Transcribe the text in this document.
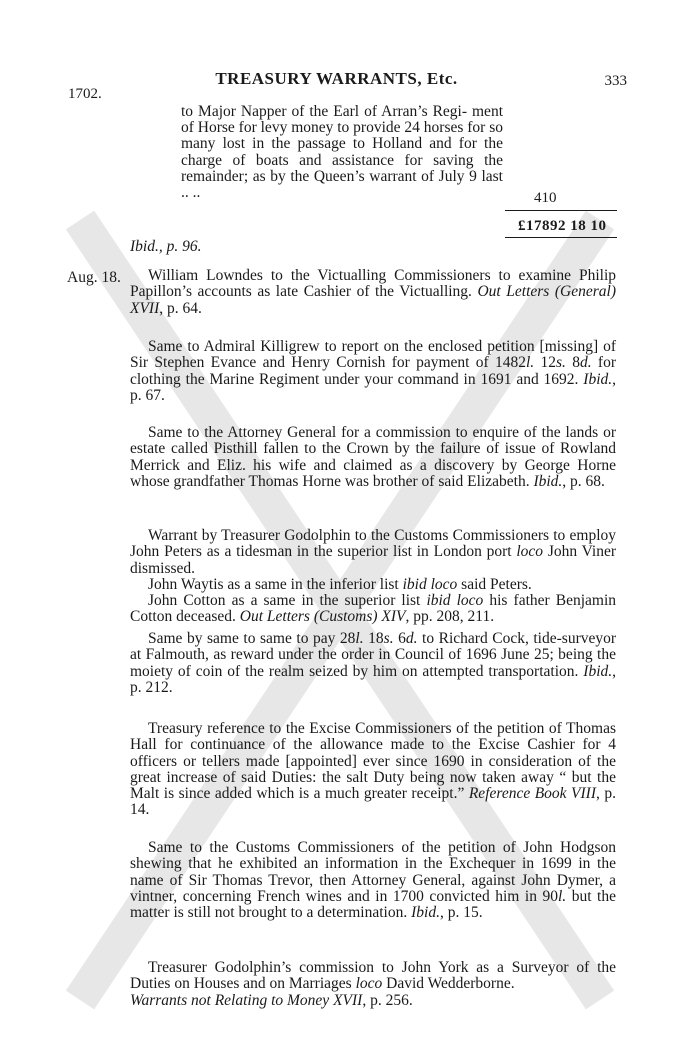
1702.
TREASURY WARRANTS, Etc.	333

to Major Napper of the Earl of Arran’s Regi- ment of Horse for levy money to provide 24 horses for so many lost in the passage to Holland and for the charge of boats and assistance for saving the remainder; as by the Queen’s warrant of July 9 last .. ..	410
£17892 18 10
Ibid., p. 96.
Aug. 18.	William Lowndes to the Victualling Commissioners to examine Philip Papillon’s accounts as late Cashier of the Victualling. Out Letters (General) XVII, p. 64.

Same to Admiral Killigrew to report on the enclosed petition [missing] of Sir Stephen Evance and Henry Cornish for payment of 1482l. 12s. 8d. for clothing the Marine Regiment under your command in 1691 and 1692. Ibid., p. 67.

Same to the Attorney General for a commission to enquire of the lands or estate called Pisthill fallen to the Crown by the failure of issue of Rowland Merrick and Eliz. his wife and claimed as a discovery by George Horne whose grandfather Thomas Horne was brother of said Elizabeth. Ibid., p. 68.

Warrant by Treasurer Godolphin to the Customs Commissioners to employ John Peters as a tidesman in the superior list in London port loco John Viner dismissed.

John Waytis as a same in the inferior list ibid loco said Peters.

John Cotton as a same in the superior list ibid loco his father Benjamin Cotton deceased. Out Letters (Customs) XIV, pp. 208, 211.

Same by same to same to pay 28l. 18s. 6d. to Richard Cock, tide-surveyor at Falmouth, as reward under the order in Council of 1696 June 25; being the moiety of coin of the realm seized by him on attempted transportation. Ibid., p. 212.

Treasury reference to the Excise Commissioners of the petition of Thomas Hall for continuance of the allowance made to the Excise Cashier for 4 officers or tellers made [appointed] ever since 1690 in consideration of the great increase of said Duties: the salt Duty being now taken away “ but the Malt is since added which is a much greater receipt.” Reference Book VIII, p. 14.

Same to the Customs Commissioners of the petition of John Hodgson shewing that he exhibited an information in the Exchequer in 1699 in the name of Sir Thomas Trevor, then Attorney General, against John Dymer, a vintner, concerning French wines and in 1700 convicted him in 90l. but the matter is still not brought to a determination. Ibid., p. 15.

Treasurer Godolphin’s commission to John York as a Surveyor of the Duties on Houses and on Marriages loco David Wedderborne.
Warrants not Relating to Money XVII, p. 256.
